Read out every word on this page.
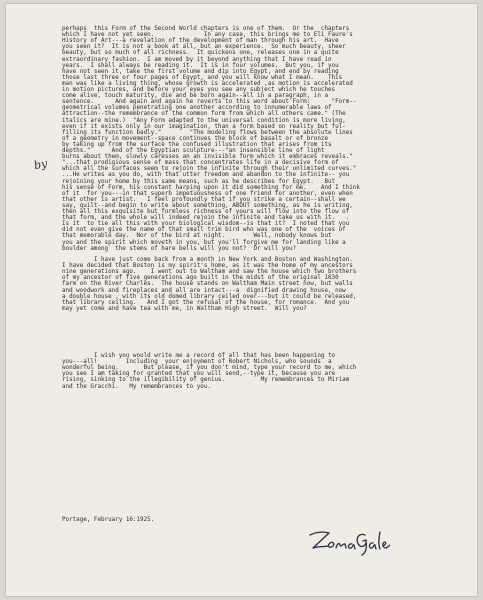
perhaps  this Form of the Second World chapters is one of them.  Or the  chapters
which I have not yet seen.              In any case, this brings me to Eli Faure's
History of Art---a revelation of the development of man through his art.  Have
you seen it?  It is not a book at all, but an experience.  So much beauty, sheer
beauty, but so much of all richness.  It quickens one, releases one in a quite
extraordinary fashion.  I am moved by it beyond anything that I have read in
years.  I shall always be reading it.  It is in four volumes.  But you, if you
have not seen it, take the first volume and dip into Egypt, and end by reading
those last three or four pages of Egypt, and you will know what I mean.    This
man was like a living thing, whose growth is accelerated ,as motion is accelerated
in motion pictures, and before your eyes you see any subject which he touches
come alive, touch maturity, die and be born again--all in a paragraph, in a
sentence.      And again and again he reverts to this word about Form:      "Form--
geometrical volumes penetrating one another according to innumerable laws of
attraction--the remembrance of the common form from which all others came." (The
italics are mine.)  "Any Form adapted to the universal condition is more living,
even if it exists only in our imagination, than a form based on reality but ful-
filling its function badly."        "The modeling flows between the absolute lines
of a geometry in movement--space continues the block of basalt or of bronze
by taking up from the surface the confused illustration that arises from its
depths."      And of the Egyptian sculpture---"an insensible line of light
burns about them, slowly caresses an an invisible form which it embraces reveals."
"...that prodigious sense of mass that concentrates life in a decisive form of
which all the surfaces seem to rejoin the infinite through their unlimited curves."
...He writes as you do, with that utter freedom and abandon to the infinite-- you
rejoining your home by this same means, such as he describes for Egypt.   But
his sense of Form, his constant harping upon it did something for me.    And I think
of it  for you---in that superb impetuousness of one friend for another, even when
that other is artist.   I feel profoundly that if you strike a certain--shall we
say, guilt--and begin to write about something, ABOUT something, as he is writing,
then all this exquisite but formless richness of yours will flow into the flow of
that form, and the whole will indeed rejoin the infinite and take us with it.   .
Is it  to tie all this with your biological wisdom--is that it?  I noted that you
did not even give the name of that small trim bird who was one of the  voices of
that memorable day.  Nor of the bird at night.        Well, nobody knows but
you and the spirit which moveth in you, but you'll forgive me for landing like a
boulder among  the stems of hare bells will you not?  Or will you?
I have just come back from a month in New York and Boston and Washington.
I have decided that Boston is my spirit's home, as it was the home of my ancestors
nine generations ago.    I went out to Waltham and saw the house which two brothers
of my ancestor of five generations ago built in the midst of the original 1630
farm on the River Charles.  The house stands on Waltham Main street now, but walls
and woodwork and fireplaces and all are intact---a  dignified drawing house, now
a double house , with its old domed library ceiled over---but it could be released,
that library ceiling.   And I got the refusal of the house, for romance.  And you
may yet come and have tea with me, in Waltham High street.  Will you?
I wish you would write me a record of all that has been happening to
you---all!        Including  your enjoyment of Robert Nichols, who sounds  a
wonderful being.       But please, if you don't mind, type your record to me, which
you see I am taking for granted that you will send,--type it, because you are
rising, sinking to the illegibility of genius.          My remembrances to Miriam
and the Gracchi.   My remembrances to you.
by
Portage, February 16:1925.
